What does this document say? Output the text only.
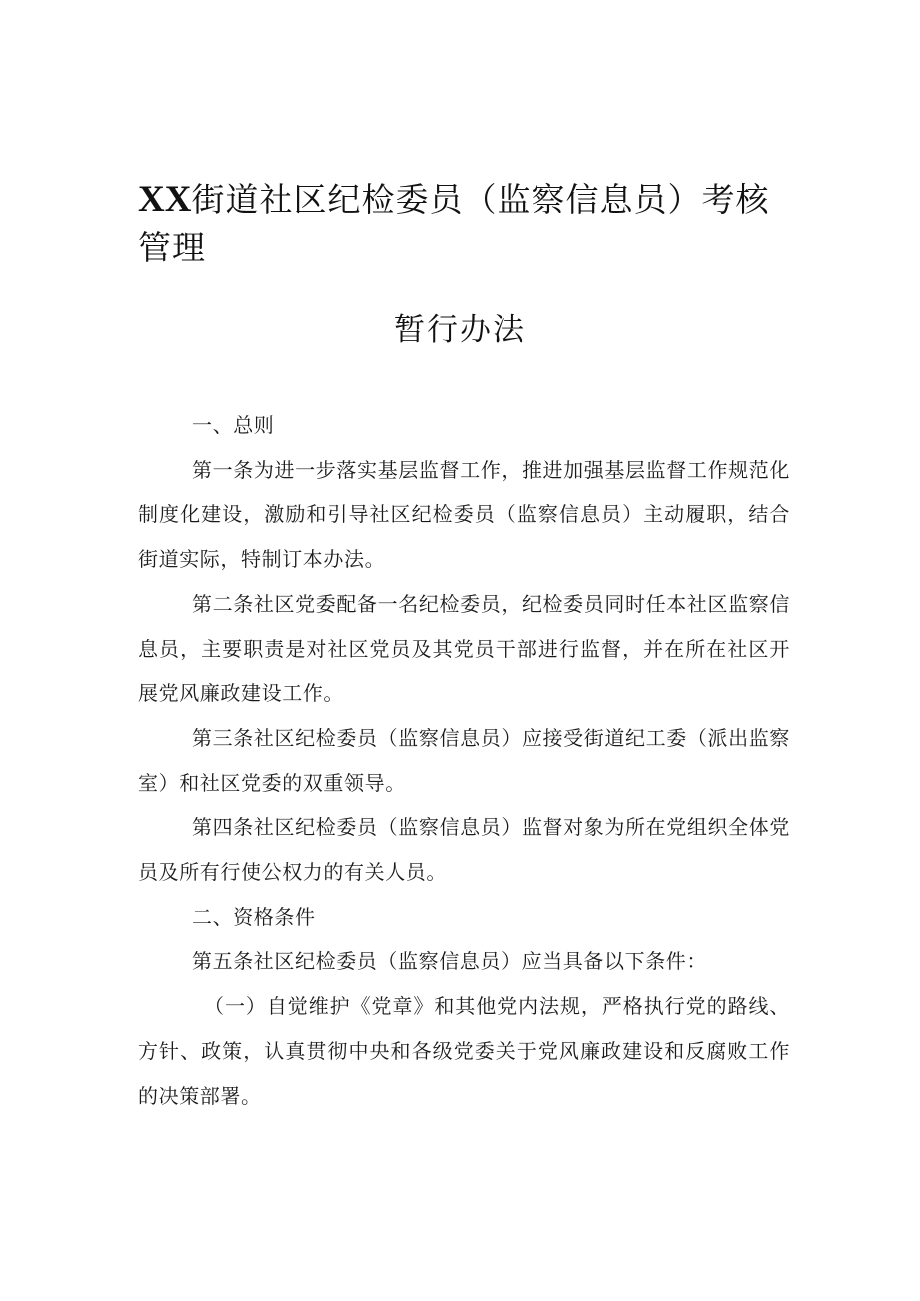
XX街道社区纪检委员（监察信息员）考核管理
暂行办法

一、总则

第一条为进一步落实基层监督工作，推进加强基层监督工作规范化制度化建设，激励和引导社区纪检委员（监察信息员）主动履职，结合街道实际，特制订本办法。

第二条社区党委配备一名纪检委员，纪检委员同时任本社区监察信息员，主要职责是对社区党员及其党员干部进行监督，并在所在社区开展党风廉政建设工作。

第三条社区纪检委员（监察信息员）应接受街道纪工委（派出监察室）和社区党委的双重领导。

第四条社区纪检委员（监察信息员）监督对象为所在党组织全体党员及所有行使公权力的有关人员。

二、资格条件

第五条社区纪检委员（监察信息员）应当具备以下条件：

（一）自觉维护《党章》和其他党内法规，严格执行党的路线、方针、政策，认真贯彻中央和各级党委关于党风廉政建设和反腐败工作的决策部署。
